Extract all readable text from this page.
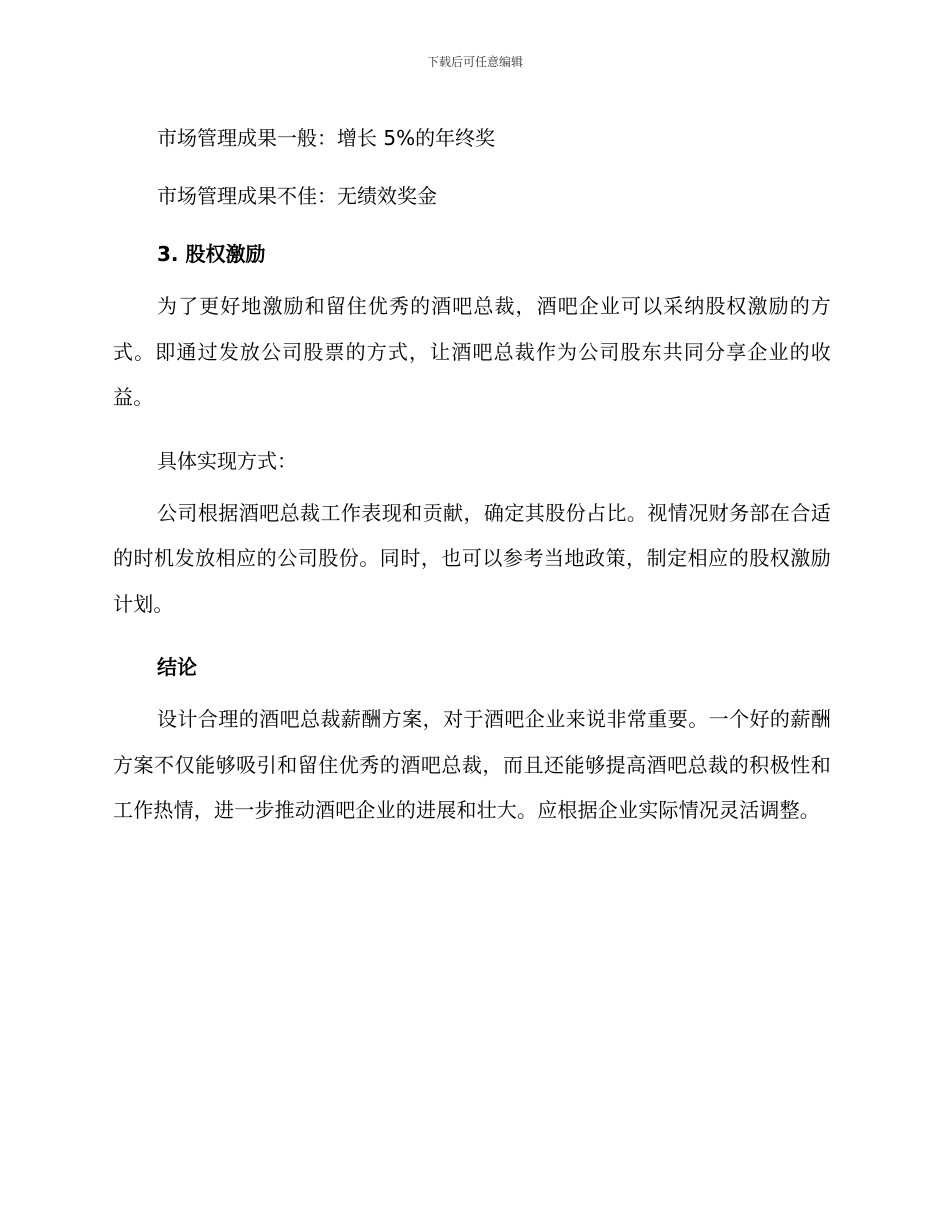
下载后可任意编辑

市场管理成果一般：增长 5%的年终奖

市场管理成果不佳：无绩效奖金

3. 股权激励

为了更好地激励和留住优秀的酒吧总裁，酒吧企业可以采纳股权激励的方式。即通过发放公司股票的方式，让酒吧总裁作为公司股东共同分享企业的收益。

具体实现方式：

公司根据酒吧总裁工作表现和贡献，确定其股份占比。视情况财务部在合适的时机发放相应的公司股份。同时，也可以参考当地政策，制定相应的股权激励计划。

结论

设计合理的酒吧总裁薪酬方案，对于酒吧企业来说非常重要。一个好的薪酬方案不仅能够吸引和留住优秀的酒吧总裁，而且还能够提高酒吧总裁的积极性和工作热情，进一步推动酒吧企业的进展和壮大。应根据企业实际情况灵活调整。
